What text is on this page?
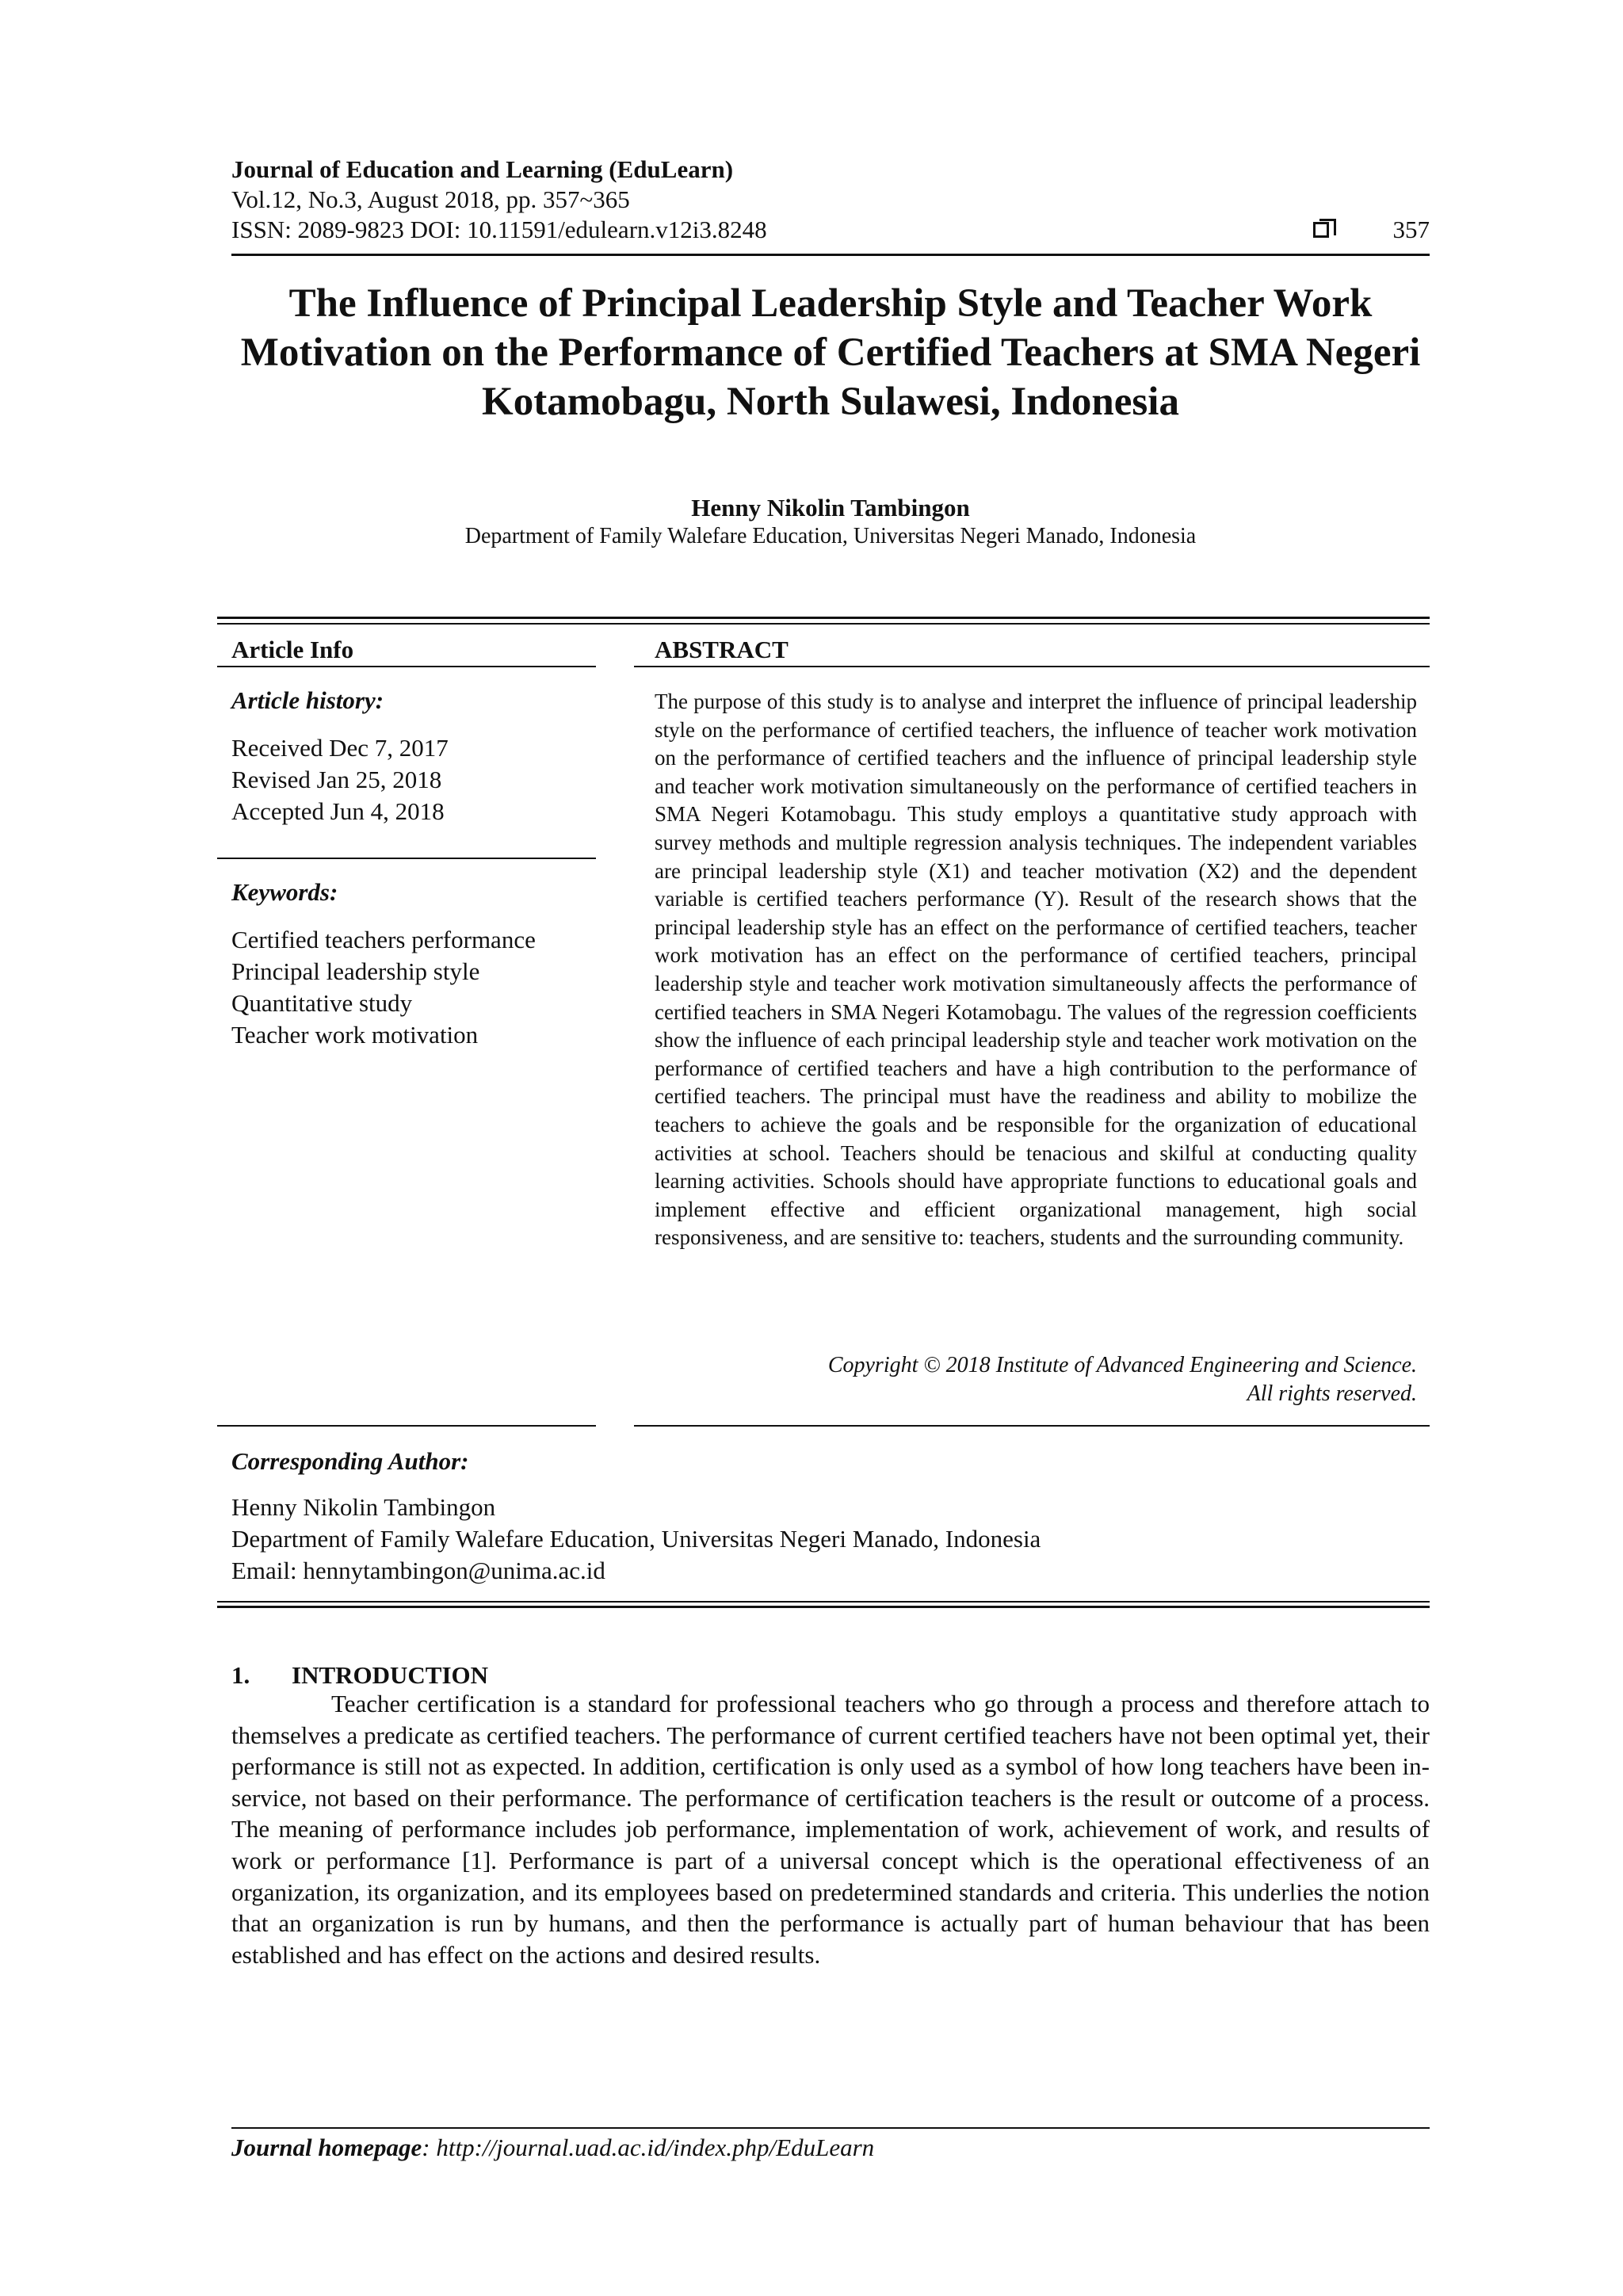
Journal of Education and Learning (EduLearn)
Vol.12, No.3, August 2018, pp. 357~365
ISSN: 2089-9823 DOI: 10.11591/edulearn.v12i3.8248	357
The Influence of Principal Leadership Style and Teacher Work Motivation on the Performance of Certified Teachers at SMA Negeri Kotamobagu, North Sulawesi, Indonesia
Henny Nikolin Tambingon
Department of Family Walefare Education, Universitas Negeri Manado, Indonesia
Article Info
Article history:
Received Dec 7, 2017
Revised Jan 25, 2018
Accepted Jun 4, 2018
Keywords:
Certified teachers performance
Principal leadership style
Quantitative study
Teacher work motivation
ABSTRACT
The purpose of this study is to analyse and interpret the influence of principal leadership style on the performance of certified teachers, the influence of teacher work motivation on the performance of certified teachers and the influence of principal leadership style and teacher work motivation simultaneously on the performance of certified teachers in SMA Negeri Kotamobagu. This study employs a quantitative study approach with survey methods and multiple regression analysis techniques. The independent variables are principal leadership style (X1) and teacher motivation (X2) and the dependent variable is certified teachers performance (Y). Result of the research shows that the principal leadership style has an effect on the performance of certified teachers, teacher work motivation has an effect on the performance of certified teachers, principal leadership style and teacher work motivation simultaneously affects the performance of certified teachers in SMA Negeri Kotamobagu. The values of the regression coefficients show the influence of each principal leadership style and teacher work motivation on the performance of certified teachers and have a high contribution to the performance of certified teachers. The principal must have the readiness and ability to mobilize the teachers to achieve the goals and be responsible for the organization of educational activities at school. Teachers should be tenacious and skilful at conducting quality learning activities. Schools should have appropriate functions to educational goals and implement effective and efficient organizational management, high social responsiveness, and are sensitive to: teachers, students and the surrounding community.
Copyright © 2018 Institute of Advanced Engineering and Science.
All rights reserved.
Corresponding Author:
Henny Nikolin Tambingon
Department of Family Walefare Education, Universitas Negeri Manado, Indonesia
Email: hennytambingon@unima.ac.id
1. INTRODUCTION
Teacher certification is a standard for professional teachers who go through a process and therefore attach to themselves a predicate as certified teachers. The performance of current certified teachers have not been optimal yet, their performance is still not as expected. In addition, certification is only used as a symbol of how long teachers have been in-service, not based on their performance. The performance of certification teachers is the result or outcome of a process. The meaning of performance includes job performance, implementation of work, achievement of work, and results of work or performance [1]. Performance is part of a universal concept which is the operational effectiveness of an organization, its organization, and its employees based on predetermined standards and criteria. This underlies the notion that an organization is run by humans, and then the performance is actually part of human behaviour that has been established and has effect on the actions and desired results.
Journal homepage: http://journal.uad.ac.id/index.php/EduLearn
